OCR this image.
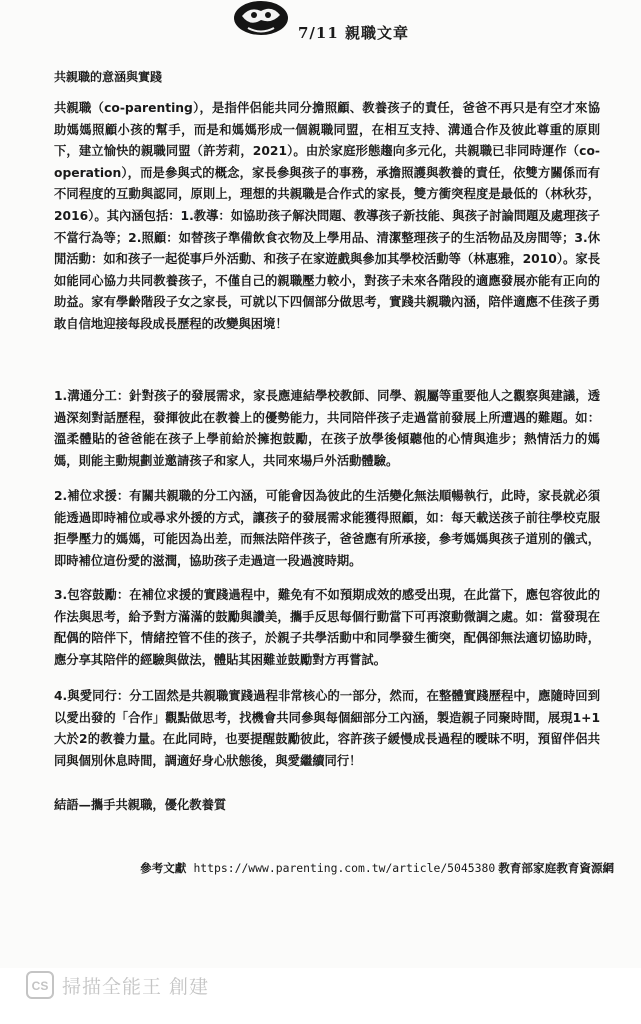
7/11 親職文章
共親職的意涵與實踐
共親職（co-parenting），是指伴侶能共同分擔照顧、教養孩子的責任，爸爸不再只是有空才來協助媽媽照顧小孩的幫手，而是和媽媽形成一個親職同盟，在相互支持、溝通合作及彼此尊重的原則下，建立愉快的親職同盟（許芳莉，2021）。由於家庭形態趨向多元化，共親職已非同時運作（co-operation），而是參與式的概念，家長參與孩子的事務，承擔照護與教養的責任，依雙方關係而有不同程度的互動與認同，原則上，理想的共親職是合作式的家長，雙方衝突程度是最低的（林秋芬，2016）。其內涵包括：1.教導：如協助孩子解決問題、教導孩子新技能、與孩子討論問題及處理孩子不當行為等；2.照顧：如替孩子準備飲食衣物及上學用品、清潔整理孩子的生活物品及房間等；3.休閒活動：如和孩子一起從事戶外活動、和孩子在家遊戲與參加其學校活動等（林惠雅，2010）。家長如能同心協力共同教養孩子，不僅自己的親職壓力較小，對孩子未來各階段的適應發展亦能有正向的助益。家有學齡階段子女之家長，可就以下四個部分做思考，實踐共親職內涵，陪伴適應不佳孩子勇敢自信地迎接每段成長歷程的改變與困境！
1.溝通分工：針對孩子的發展需求，家長應連結學校教師、同學、親屬等重要他人之觀察與建議，透過深刻對話歷程，發揮彼此在教養上的優勢能力，共同陪伴孩子走過當前發展上所遭遇的難題。如：溫柔體貼的爸爸能在孩子上學前給於擁抱鼓勵，在孩子放學後傾聽他的心情與進步；熱情活力的媽媽，則能主動規劃並邀請孩子和家人，共同來場戶外活動體驗。
2.補位求援：有關共親職的分工內涵，可能會因為彼此的生活變化無法順暢執行，此時，家長就必須能透過即時補位或尋求外援的方式，讓孩子的發展需求能獲得照顧，如：每天載送孩子前往學校克服拒學壓力的媽媽，可能因為出差，而無法陪伴孩子，爸爸應有所承接，參考媽媽與孩子道別的儀式，即時補位這份愛的滋潤，協助孩子走過這一段過渡時期。
3.包容鼓勵：在補位求援的實踐過程中，難免有不如預期成效的感受出現，在此當下，應包容彼此的作法與思考，給予對方滿滿的鼓勵與讚美，攜手反思每個行動當下可再滾動微調之處。如：當發現在配偶的陪伴下，情緒控管不佳的孩子，於親子共學活動中和同學發生衝突，配偶卻無法適切協助時，應分享其陪伴的經驗與做法，體貼其困難並鼓勵對方再嘗試。
4.與愛同行：分工固然是共親職實踐過程非常核心的一部分，然而，在整體實踐歷程中，應隨時回到以愛出發的「合作」觀點做思考，找機會共同參與每個細部分工內涵，製造親子同聚時間，展現1+1大於2的教養力量。在此同時，也要提醒鼓勵彼此，容許孩子緩慢成長過程的曖昧不明，預留伴侶共同與個別休息時間，調適好身心狀態後，與愛繼續同行！
結語—攜手共親職，優化教養質
參考文獻 https://www.parenting.com.tw/article/5045380 教育部家庭教育資源網
CS 掃描全能王 創建
